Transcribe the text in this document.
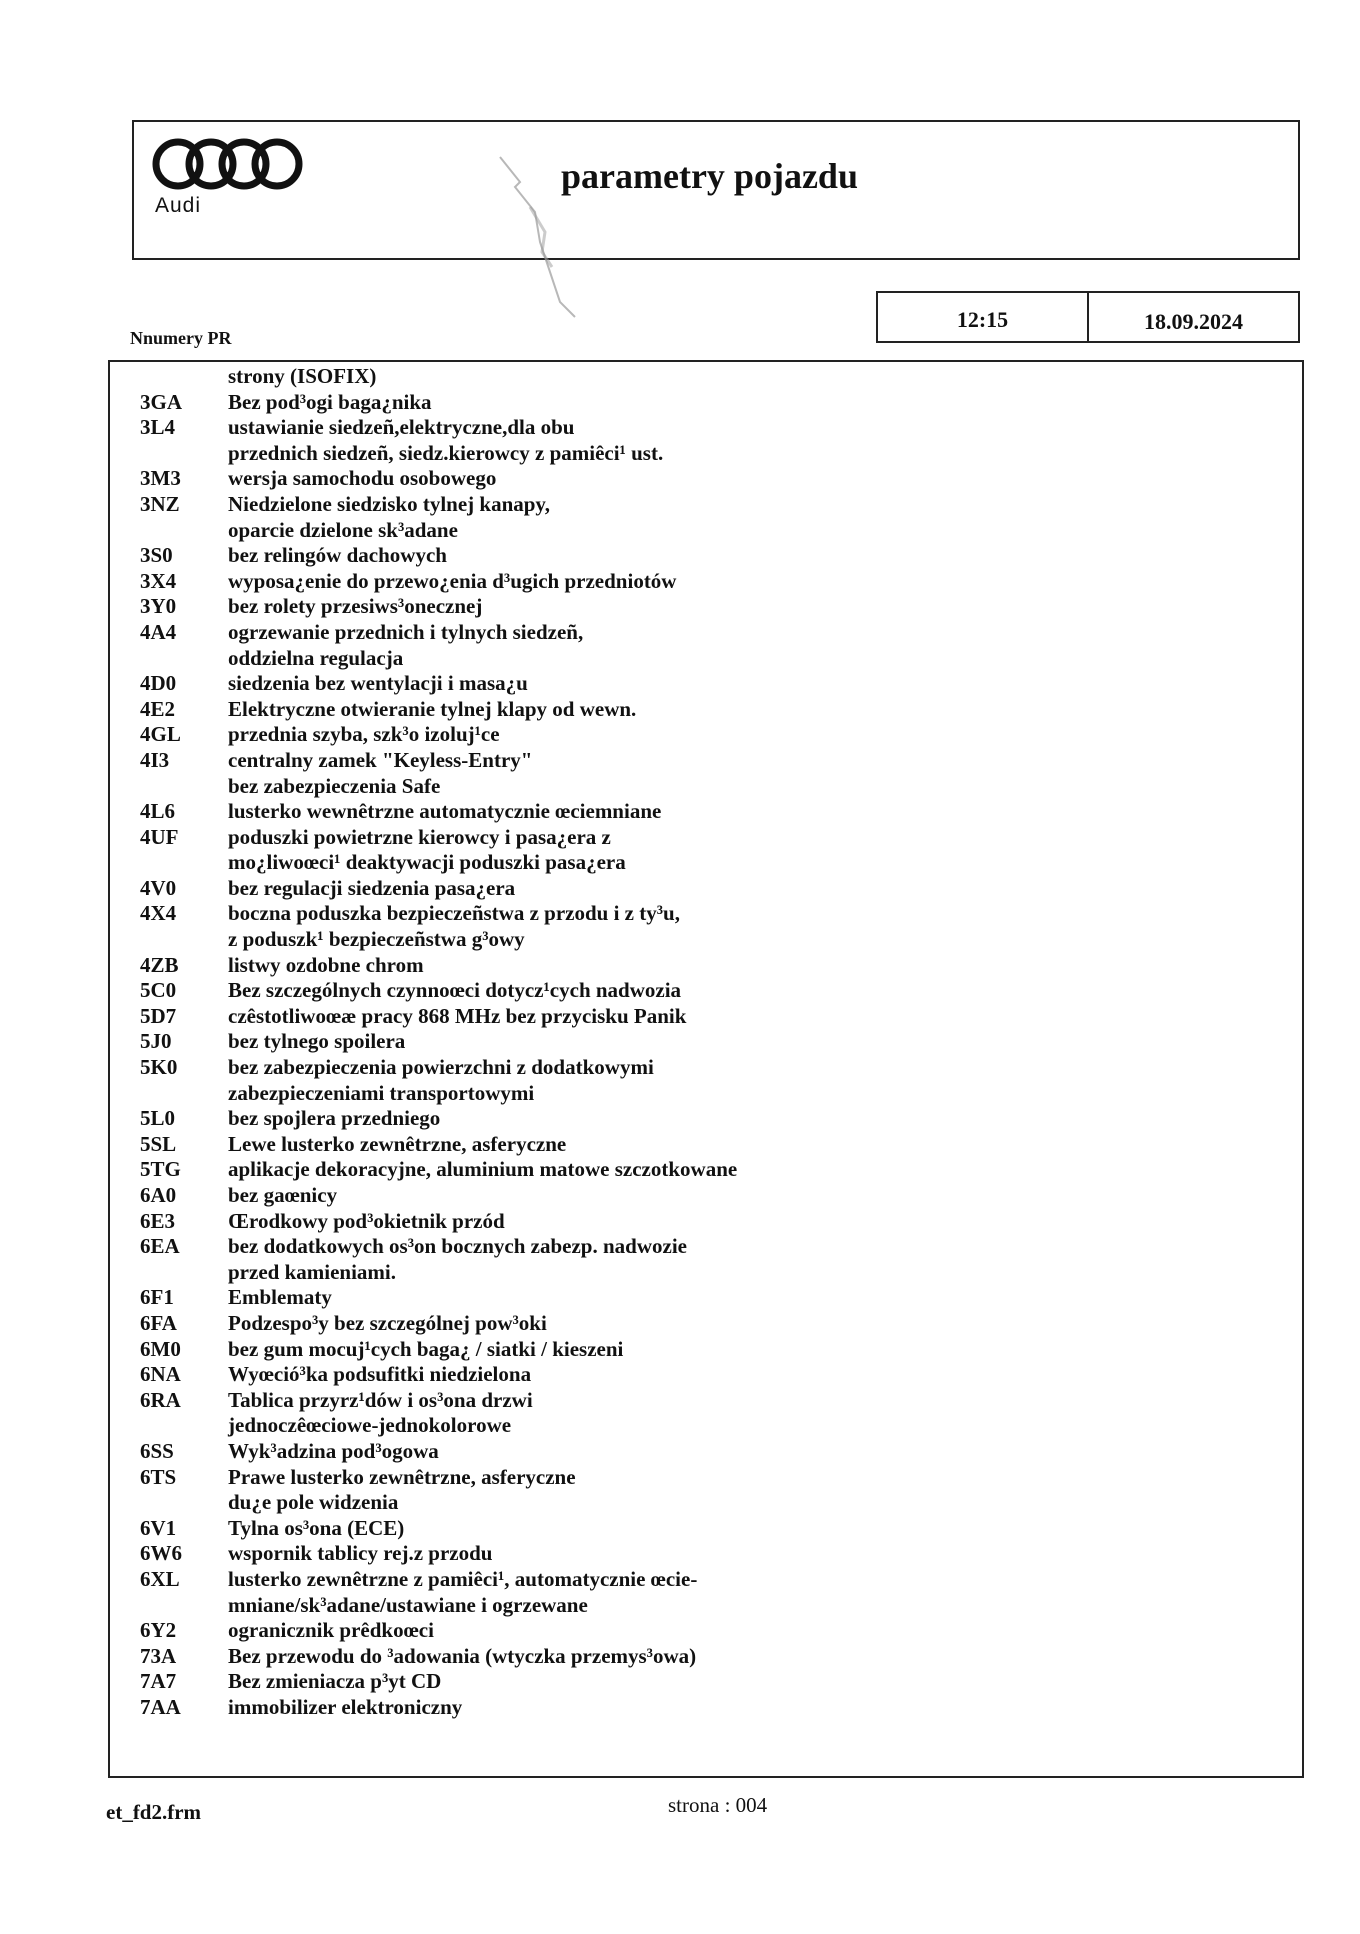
Audi
parametry pojazdu
12:15	18.09.2024
Nnumery PR
strony (ISOFIX)
3GA	Bez pod³ogi baga¿nika
3L4	ustawianie siedzeñ,elektryczne,dla obu
przednich siedzeñ, siedz.kierowcy z pamiêci¹ ust.
3M3	wersja samochodu osobowego
3NZ	Niedzielone siedzisko tylnej kanapy,
oparcie dzielone sk³adane
3S0	bez relingów dachowych
3X4	wyposa¿enie do przewo¿enia d³ugich przedniotów
3Y0	bez rolety przesiws³onecznej
4A4	ogrzewanie przednich i tylnych siedzeñ,
oddzielna regulacja
4D0	siedzenia bez wentylacji i masa¿u
4E2	Elektryczne otwieranie tylnej klapy od wewn.
4GL	przednia szyba, szk³o izoluj¹ce
4I3	centralny zamek "Keyless-Entry"
bez zabezpieczenia Safe
4L6	lusterko wewnêtrzne automatycznie œciemniane
4UF	poduszki powietrzne kierowcy i pasa¿era z
mo¿liwoœci¹ deaktywacji poduszki pasa¿era
4V0	bez regulacji siedzenia pasa¿era
4X4	boczna poduszka bezpieczeñstwa z przodu i z ty³u,
z poduszk¹ bezpieczeñstwa g³owy
4ZB	listwy ozdobne chrom
5C0	Bez szczególnych czynnoœci dotycz¹cych nadwozia
5D7	czêstotliwoœæ pracy 868 MHz bez przycisku Panik
5J0	bez tylnego spoilera
5K0	bez zabezpieczenia powierzchni z dodatkowymi
zabezpieczeniami transportowymi
5L0	bez spojlera przedniego
5SL	Lewe lusterko zewnêtrzne, asferyczne
5TG	aplikacje dekoracyjne, aluminium matowe szczotkowane
6A0	bez gaœnicy
6E3	Œrodkowy pod³okietnik przód
6EA	bez dodatkowych os³on bocznych zabezp. nadwozie
przed kamieniami.
6F1	Emblematy
6FA	Podzespo³y bez szczególnej pow³oki
6M0	bez gum mocuj¹cych baga¿ / siatki / kieszeni
6NA	Wyœció³ka podsufitki niedzielona
6RA	Tablica przyrz¹dów i os³ona drzwi
jednoczêœciowe-jednokolorowe
6SS	Wyk³adzina pod³ogowa
6TS	Prawe lusterko zewnêtrzne, asferyczne
du¿e pole widzenia
6V1	Tylna os³ona (ECE)
6W6	wspornik tablicy rej.z przodu
6XL	lusterko zewnêtrzne z pamiêci¹, automatycznie œcie-
mniane/sk³adane/ustawiane i ogrzewane
6Y2	ogranicznik prêdkoœci
73A	Bez przewodu do ³adowania (wtyczka przemys³owa)
7A7	Bez zmieniacza p³yt CD
7AA	immobilizer elektroniczny
et_fd2.frm	strona : 004
